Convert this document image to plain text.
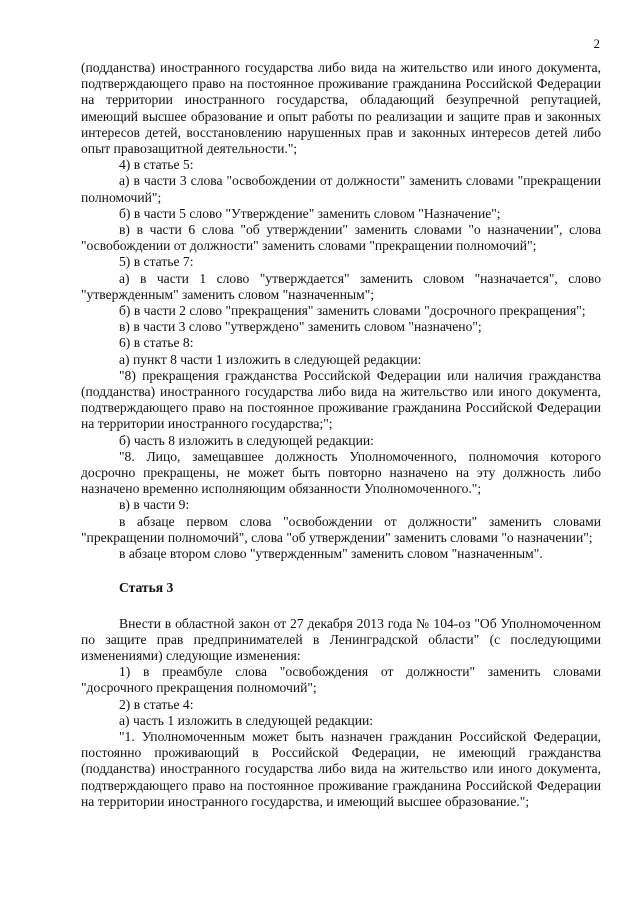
2

(подданства) иностранного государства либо вида на жительство или иного документа, подтверждающего право на постоянное проживание гражданина Российской Федерации на территории иностранного государства, обладающий безупречной репутацией, имеющий высшее образование и опыт работы по реализации и защите прав и законных интересов детей, восстановлению нарушенных прав и законных интересов детей либо опыт правозащитной деятельности.";

4) в статье 5:

а) в части 3 слова "освобождении от должности" заменить словами "прекращении полномочий";

б) в части 5 слово "Утверждение" заменить словом "Назначение";

в) в части 6 слова "об утверждении" заменить словами "о назначении", слова "освобождении от должности" заменить словами "прекращении полномочий";

5) в статье 7:

а) в части 1 слово "утверждается" заменить словом "назначается", слово "утвержденным" заменить словом "назначенным";

б) в части 2 слово "прекращения" заменить словами "досрочного прекращения";

в) в части 3 слово "утверждено" заменить словом "назначено";

6) в статье 8:

а) пункт 8 части 1 изложить в следующей редакции:

"8) прекращения гражданства Российской Федерации или наличия гражданства (подданства) иностранного государства либо вида на жительство или иного документа, подтверждающего право на постоянное проживание гражданина Российской Федерации на территории иностранного государства;";

б) часть 8 изложить в следующей редакции:

"8. Лицо, замещавшее должность Уполномоченного, полномочия которого досрочно прекращены, не может быть повторно назначено на эту должность либо назначено временно исполняющим обязанности Уполномоченного.";

в) в части 9:

в абзаце первом слова "освобождении от должности" заменить словами "прекращении полномочий", слова "об утверждении" заменить словами "о назначении";

в абзаце втором слово "утвержденным" заменить словом "назначенным".

Статья 3

Внести в областной закон от 27 декабря 2013 года № 104-оз "Об Уполномоченном по защите прав предпринимателей в Ленинградской области" (с последующими изменениями) следующие изменения:

1) в преамбуле слова "освобождения от должности" заменить словами "досрочного прекращения полномочий";

2) в статье 4:

а) часть 1 изложить в следующей редакции:

"1. Уполномоченным может быть назначен гражданин Российской Федерации, постоянно проживающий в Российской Федерации, не имеющий гражданства (подданства) иностранного государства либо вида на жительство или иного документа, подтверждающего право на постоянное проживание гражданина Российской Федерации на территории иностранного государства, и имеющий высшее образование.";
